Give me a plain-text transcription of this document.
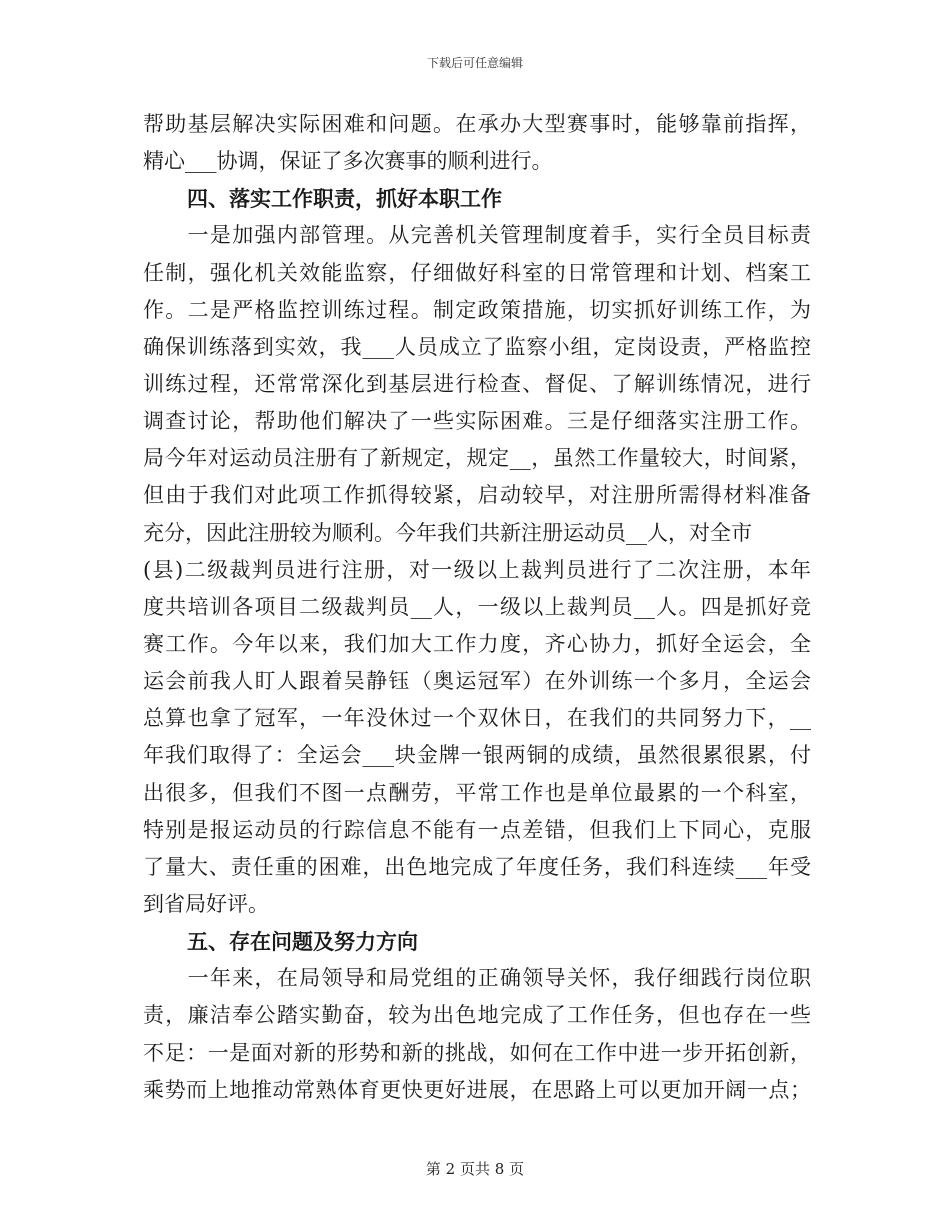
下载后可任意编辑
帮助基层解决实际困难和问题。在承办大型赛事时，能够靠前指挥，
精心___协调，保证了多次赛事的顺利进行。
四、落实工作职责，抓好本职工作
　　一是加强内部管理。从完善机关管理制度着手，实行全员目标责
任制，强化机关效能监察，仔细做好科室的日常管理和计划、档案工
作。二是严格监控训练过程。制定政策措施，切实抓好训练工作，为
确保训练落到实效，我___人员成立了监察小组，定岗设责，严格监控
训练过程，还常常深化到基层进行检查、督促、了解训练情况，进行
调查讨论，帮助他们解决了一些实际困难。三是仔细落实注册工作。
局今年对运动员注册有了新规定，规定__，虽然工作量较大，时间紧，
但由于我们对此项工作抓得较紧，启动较早，对注册所需得材料准备
充分，因此注册较为顺利。今年我们共新注册运动员__人，对全市
(县)二级裁判员进行注册，对一级以上裁判员进行了二次注册，本年
度共培训各项目二级裁判员__人，一级以上裁判员__人。四是抓好竞
赛工作。今年以来，我们加大工作力度，齐心协力，抓好全运会，全
运会前我人盯人跟着吴静钰（奥运冠军）在外训练一个多月，全运会
总算也拿了冠军，一年没休过一个双休日，在我们的共同努力下，__
年我们取得了：全运会___块金牌一银两铜的成绩，虽然很累很累，付
出很多，但我们不图一点酬劳，平常工作也是单位最累的一个科室，
特别是报运动员的行踪信息不能有一点差错，但我们上下同心，克服
了量大、责任重的困难，出色地完成了年度任务，我们科连续___年受
到省局好评。
五、存在问题及努力方向
　　一年来，在局领导和局党组的正确领导关怀，我仔细践行岗位职
责，廉洁奉公踏实勤奋，较为出色地完成了工作任务，但也存在一些
不足：一是面对新的形势和新的挑战，如何在工作中进一步开拓创新，
乘势而上地推动常熟体育更快更好进展，在思路上可以更加开阔一点；
第 2 页共 8 页
